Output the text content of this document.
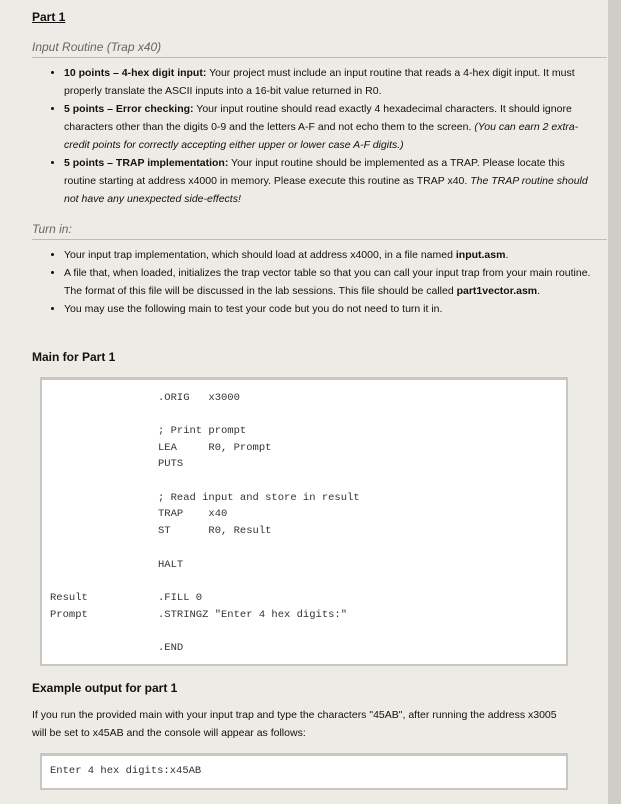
Part 1
Input Routine (Trap x40)
• 10 points – 4-hex digit input: Your project must include an input routine that reads a 4-hex digit input. It must properly translate the ASCII inputs into a 16-bit value returned in R0.
• 5 points – Error checking: Your input routine should read exactly 4 hexadecimal characters. It should ignore characters other than the digits 0-9 and the letters A-F and not echo them to the screen. (You can earn 2 extra-credit points for correctly accepting either upper or lower case A-F digits.)
• 5 points – TRAP implementation: Your input routine should be implemented as a TRAP. Please locate this routine starting at address x4000 in memory. Please execute this routine as TRAP x40. The TRAP routine should not have any unexpected side-effects!
Turn in:
• Your input trap implementation, which should load at address x4000, in a file named input.asm.
• A file that, when loaded, initializes the trap vector table so that you can call your input trap from your main routine. The format of this file will be discussed in the lab sessions. This file should be called part1vector.asm.
• You may use the following main to test your code but you do not need to turn it in.
Main for Part 1
.ORIG   x3000
; Print prompt
LEA     R0, Prompt
PUTS
; Read input and store in result
TRAP    x40
ST      R0, Result
HALT
Result	.FILL 0
Prompt	.STRINGZ "Enter 4 hex digits:"
.END
Example output for part 1
If you run the provided main with your input trap and type the characters "45AB", after running the address x3005 will be set to x45AB and the console will appear as follows:
Enter 4 hex digits:x45AB
